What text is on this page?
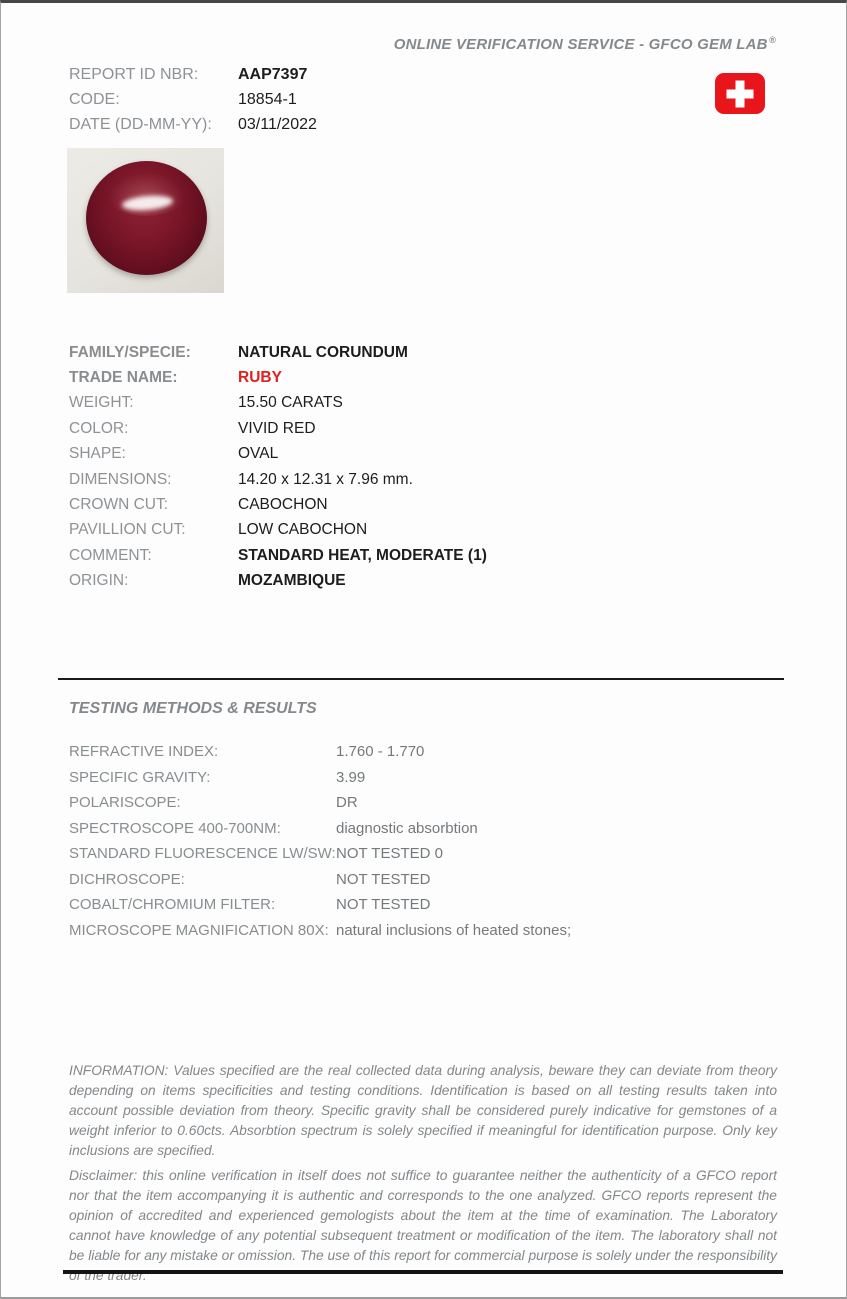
ONLINE VERIFICATION SERVICE - GFCO GEM LAB ®
REPORT ID NBR:	AAP7397
CODE:	18854-1
DATE (DD-MM-YY):	03/11/2022
FAMILY/SPECIE:	NATURAL CORUNDUM
TRADE NAME:	RUBY
WEIGHT:	15.50 CARATS
COLOR:	VIVID RED
SHAPE:	OVAL
DIMENSIONS:	14.20 x 12.31 x 7.96 mm.
CROWN CUT:	CABOCHON
PAVILLION CUT:	LOW CABOCHON
COMMENT:	STANDARD HEAT, MODERATE (1)
ORIGIN:	MOZAMBIQUE
TESTING METHODS & RESULTS
REFRACTIVE INDEX:	1.760 - 1.770
SPECIFIC GRAVITY:	3.99
POLARISCOPE:	DR
SPECTROSCOPE 400-700NM:	diagnostic absorbtion
STANDARD FLUORESCENCE LW/SW: NOT TESTED 0
DICHROSCOPE:	NOT TESTED
COBALT/CHROMIUM FILTER:	NOT TESTED
MICROSCOPE MAGNIFICATION 80X: natural inclusions of heated stones;
INFORMATION: Values specified are the real collected data during analysis, beware they can deviate from theory depending on items specificities and testing conditions. Identification is based on all testing results taken into account possible deviation from theory. Specific gravity shall be considered purely indicative for gemstones of a weight inferior to 0.60cts. Absorbtion spectrum is solely specified if meaningful for identification purpose. Only key inclusions are specified.
Disclaimer: this online verification in itself does not suffice to guarantee neither the authenticity of a GFCO report nor that the item accompanying it is authentic and corresponds to the one analyzed. GFCO reports represent the opinion of accredited and experienced gemologists about the item at the time of examination. The Laboratory cannot have knowledge of any potential subsequent treatment or modification of the item. The laboratory shall not be liable for any mistake or omission. The use of this report for commercial purpose is solely under the responsibility of the trader.
